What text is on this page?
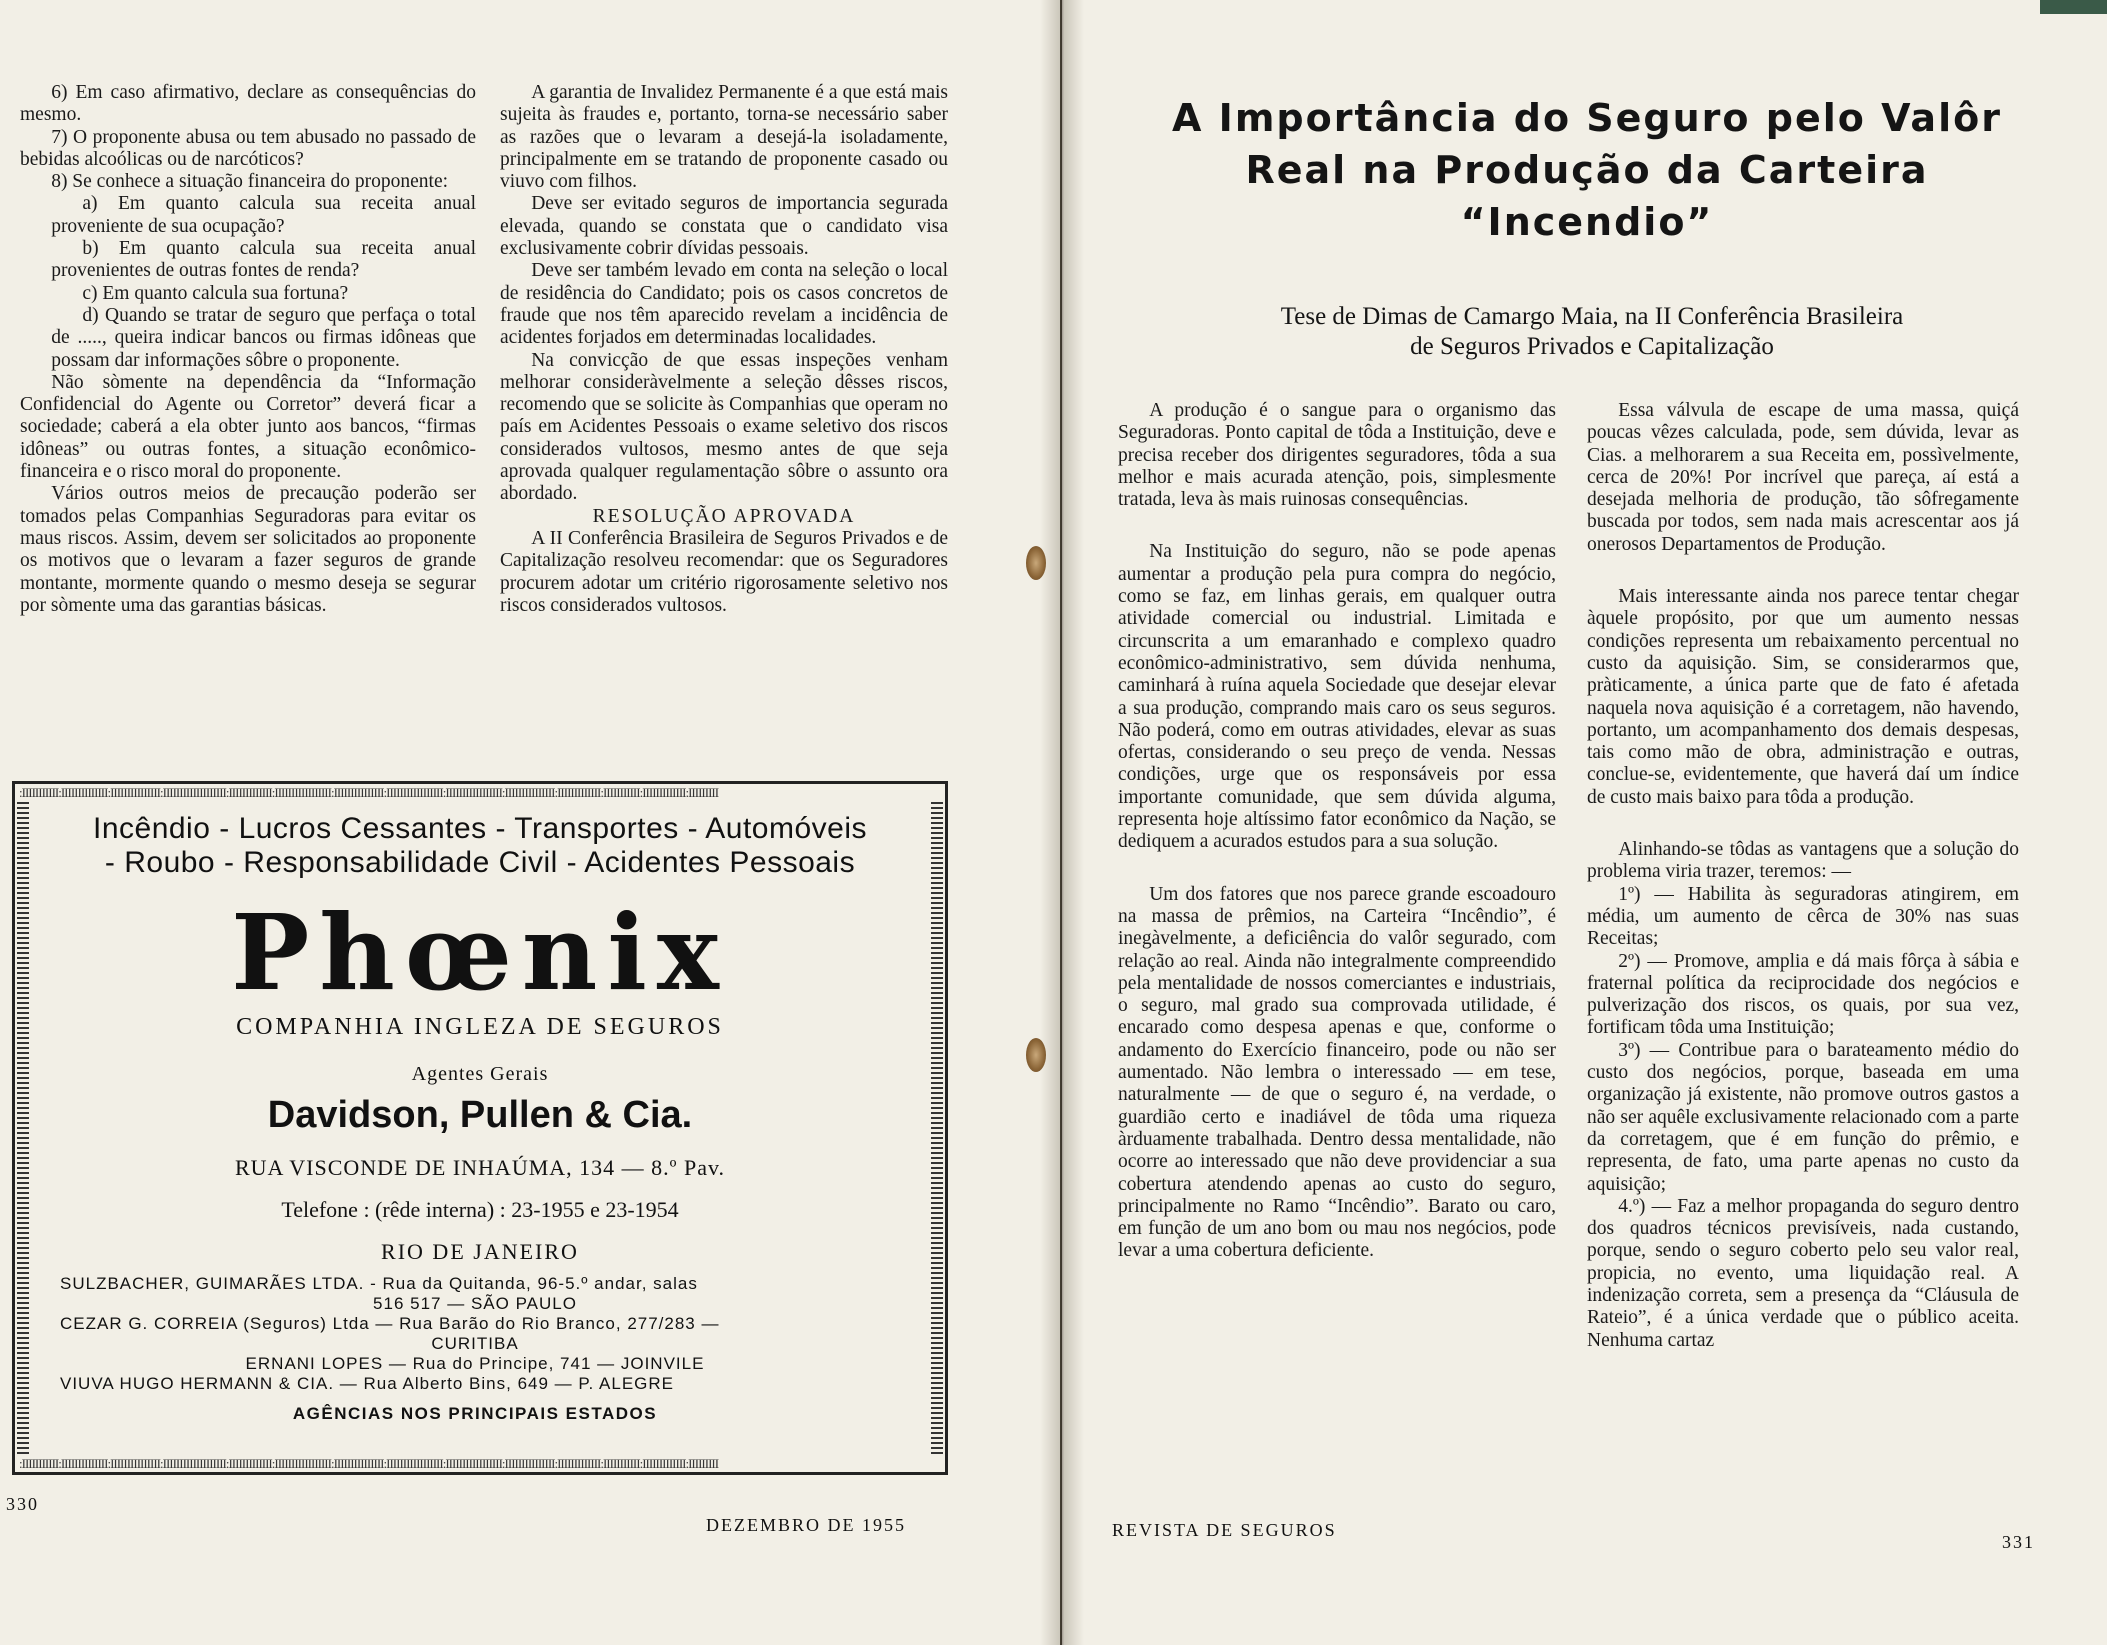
6) Em caso afirmativo, declare as consequências do mesmo.

7) O proponente abusa ou tem abusado no passado de bebidas alcoólicas ou de narcóticos?

8) Se conhece a situação financeira do proponente:

a) Em quanto calcula sua receita anual proveniente de sua ocupação?

b) Em quanto calcula sua receita anual provenientes de outras fontes de renda?

c) Em quanto calcula sua fortuna?

d) Quando se tratar de seguro que perfaça o total de ....., queira indicar bancos ou firmas idôneas que possam dar informações sôbre o proponente.

Não sòmente na dependência da “Informação Confidencial do Agente ou Corretor” deverá ficar a sociedade; caberá a ela obter junto aos bancos, “firmas idôneas” ou outras fontes, a situação econômico-financeira e o risco moral do proponente.

Vários outros meios de precaução poderão ser tomados pelas Companhias Seguradoras para evitar os maus riscos. Assim, devem ser solicitados ao proponente os motivos que o levaram a fazer seguros de grande montante, mormente quando o mesmo deseja se segurar por sòmente uma das garantias básicas.

A garantia de Invalidez Permanente é a que está mais sujeita às fraudes e, portanto, torna-se necessário saber as razões que o levaram a desejá-la isoladamente, principalmente em se tratando de proponente casado ou viuvo com filhos.

Deve ser evitado seguros de importancia segurada elevada, quando se constata que o candidato visa exclusivamente cobrir dívidas pessoais.

Deve ser também levado em conta na seleção o local de residência do Candidato; pois os casos concretos de fraude que nos têm aparecido revelam a incidência de acidentes forjados em determinadas localidades.

Na convicção de que essas inspeções venham melhorar consideràvelmente a seleção dêsses riscos, recomendo que se solicite às Companhias que operam no país em Acidentes Pessoais o exame seletivo dos riscos considerados vultosos, mesmo antes de que seja aprovada qualquer regulamentação sôbre o assunto ora abordado.

RESOLUÇÃO APROVADA

A II Conferência Brasileira de Seguros Privados e de Capitalização resolveu recomendar: que os Seguradores procurem adotar um critério rigorosamente seletivo nos riscos considerados vultosos.

:IIIIIIIIIII:IIIIIIIIIIIIII:IIIIIIIIIIIIIII:IIIIIIIIIIIIIIIIIII:IIIIIIIIIIIII:IIIIIIIIIIIIIIIII:IIIIIIIIIIIIIII:IIIIIIIIIIIIIIIII:IIIIIIIIIIIIIIIII:IIIIIIIIIIIIIII:IIIIIIIIIIIII:IIIIIIIIIII:IIIIIIIIIIIII:IIIIIIIII
:IIIIIIIIIII:IIIIIIIIIIIIII:IIIIIIIIIIIIIII:IIIIIIIIIIIIIIIIIII:IIIIIIIIIIIII:IIIIIIIIIIIIIIIII:IIIIIIIIIIIIIII:IIIIIIIIIIIIIIIII:IIIIIIIIIIIIIIIII:IIIIIIIIIIIIIII:IIIIIIIIIIIII:IIIIIIIIIII:IIIIIIIIIIIII:IIIIIIIII
Incêndio - Lucros Cessantes - Transportes - Automóveis
- Roubo - Responsabilidade Civil - Acidentes Pessoais
Phœnix
COMPANHIA INGLEZA DE SEGUROS
Agentes Gerais
Davidson, Pullen & Cia.
RUA VISCONDE DE INHAÚMA, 134 — 8.º Pav.
Telefone : (rêde interna) : 23-1955 e 23-1954
RIO DE JANEIRO
SULZBACHER, GUIMARÃES LTDA. - Rua da Quitanda, 96-5.º andar, salas
516 517 — SÃO PAULO
CEZAR G. CORREIA (Seguros) Ltda — Rua Barão do Rio Branco, 277/283 —
CURITIBA
ERNANI LOPES — Rua do Principe, 741 — JOINVILE
VIUVA HUGO HERMANN & CIA. — Rua Alberto Bins, 649 — P. ALEGRE
AGÊNCIAS NOS PRINCIPAIS ESTADOS
330
DEZEMBRO DE 1955
A Importância do Seguro pelo Valôr
Real na Produção da Carteira
“Incendio”
Tese de Dimas de Camargo Maia, na II Conferência Brasileira
de Seguros Privados e Capitalização

A produção é o sangue para o organismo das Seguradoras. Ponto capital de tôda a Instituição, deve e precisa receber dos dirigentes seguradores, tôda a sua melhor e mais acurada atenção, pois, simplesmente tratada, leva às mais ruinosas consequências.

Na Instituição do seguro, não se pode apenas aumentar a produção pela pura compra do negócio, como se faz, em linhas gerais, em qualquer outra atividade comercial ou industrial. Limitada e circunscrita a um emaranhado e complexo quadro econômico-administrativo, sem dúvida nenhuma, caminhará à ruína aquela Sociedade que desejar elevar a sua produção, comprando mais caro os seus seguros. Não poderá, como em outras atividades, elevar as suas ofertas, considerando o seu preço de venda. Nessas condições, urge que os responsáveis por essa importante comunidade, que sem dúvida alguma, representa hoje altíssimo fator econômico da Nação, se dediquem a acurados estudos para a sua solução.

Um dos fatores que nos parece grande escoadouro na massa de prêmios, na Carteira “Incêndio”, é inegàvelmente, a deficiência do valôr segurado, com relação ao real. Ainda não integralmente compreendido pela mentalidade de nossos comerciantes e industriais, o seguro, mal grado sua comprovada utilidade, é encarado como despesa apenas e que, conforme o andamento do Exercício financeiro, pode ou não ser aumentado. Não lembra o interessado — em tese, naturalmente — de que o seguro é, na verdade, o guardião certo e inadiável de tôda uma riqueza àrduamente trabalhada. Dentro dessa mentalidade, não ocorre ao interessado que não deve providenciar a sua cobertura atendendo apenas ao custo do seguro, principalmente no Ramo “Incêndio”. Barato ou caro, em função de um ano bom ou mau nos negócios, pode levar a uma cobertura deficiente.

Essa válvula de escape de uma massa, quiçá poucas vêzes calculada, pode, sem dúvida, levar as Cias. a melhorarem a sua Receita em, possìvelmente, cerca de 20%! Por incrível que pareça, aí está a desejada melhoria de produção, tão sôfregamente buscada por todos, sem nada mais acrescentar aos já onerosos Departamentos de Produção.

Mais interessante ainda nos parece tentar chegar àquele propósito, por que um aumento nessas condições representa um rebaixamento percentual no custo da aquisição. Sim, se considerarmos que, pràticamente, a única parte que de fato é afetada naquela nova aquisição é a corretagem, não havendo, portanto, um acompanhamento dos demais despesas, tais como mão de obra, administração e outras, conclue-se, evidentemente, que haverá daí um índice de custo mais baixo para tôda a produção.

Alinhando-se tôdas as vantagens que a solução do problema viria trazer, teremos: —

1º) — Habilita às seguradoras atingirem, em média, um aumento de cêrca de 30% nas suas Receitas;

2º) — Promove, amplia e dá mais fôrça à sábia e fraternal política da reciprocidade dos negócios e pulverização dos riscos, os quais, por sua vez, fortificam tôda uma Instituição;

3º) — Contribue para o barateamento médio do custo dos negócios, porque, baseada em uma organização já existente, não promove outros gastos a não ser aquêle exclusivamente relacionado com a parte da corretagem, que é em função do prêmio, e representa, de fato, uma parte apenas no custo da aquisição;

4.º) — Faz a melhor propaganda do seguro dentro dos quadros técnicos previsíveis, nada custando, porque, sendo o seguro coberto pelo seu valor real, propicia, no evento, uma liquidação real. A indenização correta, sem a presença da “Cláusula de Rateio”, é a única verdade que o público aceita. Nenhuma cartaz

REVISTA DE SEGUROS
331
